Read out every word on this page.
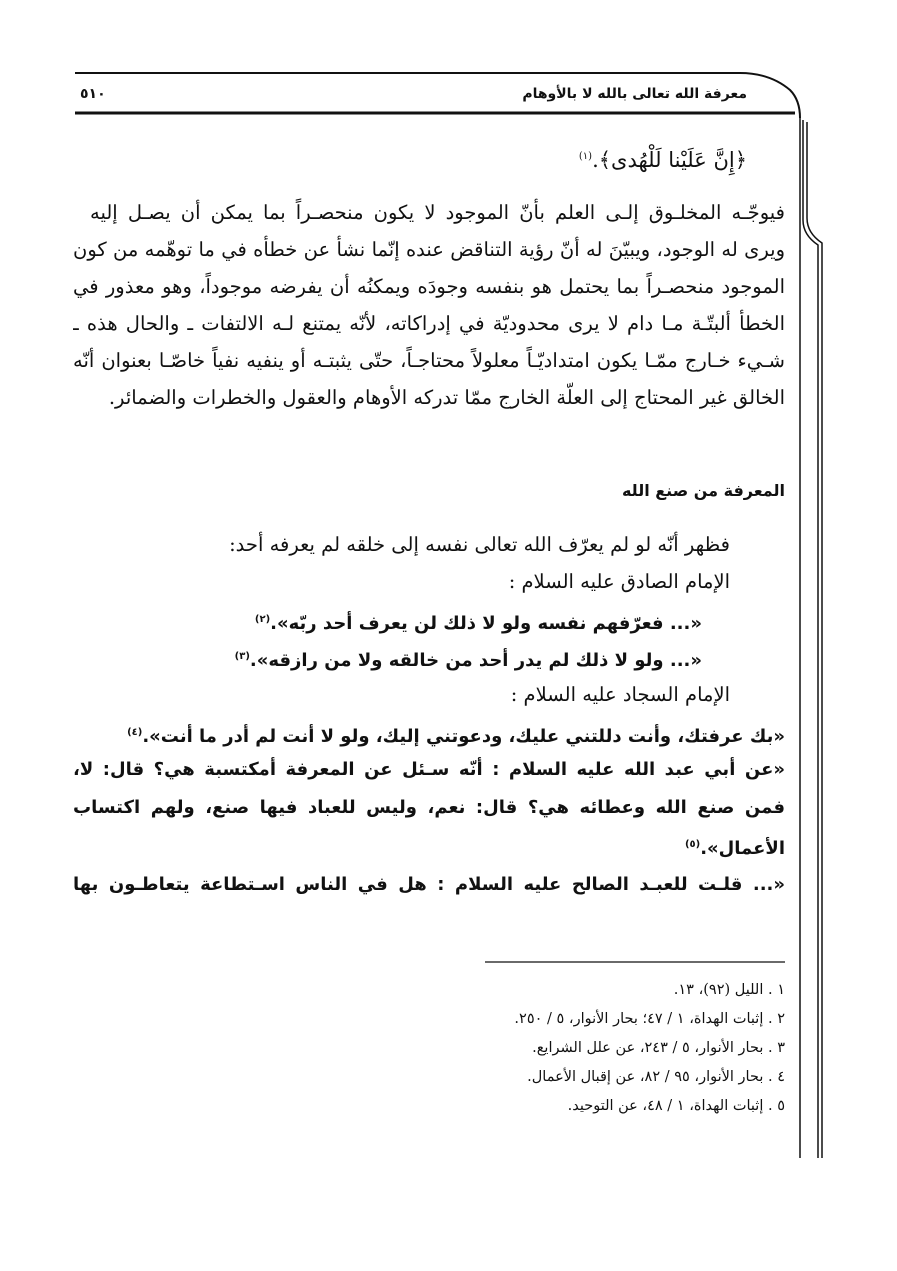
معرفة الله تعالى بالله لا بالأوهام
٥١٠
﴿إِنَّ عَلَيْنا لَلْهُدى﴾.$^{(١)}$
فيوجّـه المخلـوق إلـى العلم بأنّ الموجود لا يكون منحصـراً بما يمكن أن يصـل إليه
ويرى له الوجود، ويبيّنَ له أنّ رؤية التناقض عنده إنّما نشأ عن خطأه في ما توهّمه من كون
الموجود منحصـراً بما يحتمل هو بنفسه وجودَه ويمكنُه أن يفرضه موجوداً، وهو معذور في
الخطأ ألبتّـة مـا دام لا يرى محدوديّة في إدراكاته، لأنّه يمتنع لـه الالتفات ـ والحال هذه ـ
شـيء خـارج ممّـا يكون امتداديّـاً معلولاً محتاجـاً، حتّى يثبتـه أو ينفيه نفياً خاصّـا بعنوان أنّه
الخالق غير المحتاج إلى العلّة الخارج ممّا تدركه الأوهام والعقول والخطرات والضمائر.
المعرفة من صنع الله
فظهر أنّه لو لم يعرّف الله تعالى نفسه إلى خلقه لم يعرفه أحد:
الإمام الصادق عليه السلام :
«... فعرّفهم نفسه ولو لا ذلك لن يعرف أحد ربّه».$^{(٢)}$
«... ولو لا ذلك لم يدر أحد من خالقه ولا من رازقه».$^{(٣)}$
الإمام السجاد عليه السلام :
«بك عرفتك، وأنت دللتني عليك، ودعوتني إليك، ولو لا أنت لم أدر ما أنت».$^{(٤)}$
«عن أبي عبد الله عليه السلام : أنّه سـئل عن المعرفة أمكتسبة هي؟ قال: لا،
فمن صنع الله وعطائه هي؟ قال: نعم، وليس للعباد فيها صنع، ولهم اكتساب
الأعمال».$^{(٥)}$
«... قلـت للعبـد الصالح عليه السلام : هل في الناس اسـتطاعة يتعاطـون بها
١ . الليل (٩٢)، ١٣.
٢ . إثبات الهداة، ١ / ٤٧؛ بحار الأنوار، ٥ / ٢٥٠.
٣ . بحار الأنوار، ٥ / ٢٤٣، عن علل الشرايع.
٤ . بحار الأنوار، ٩٥ / ٨٢، عن إقبال الأعمال.
٥ . إثبات الهداة، ١ / ٤٨، عن التوحيد.
